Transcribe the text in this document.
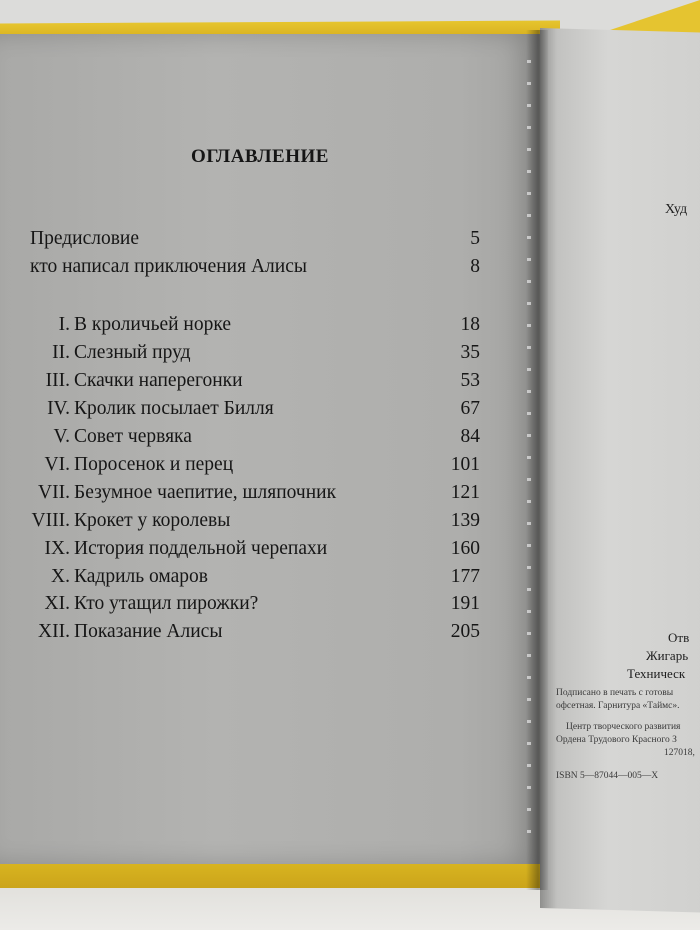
ОГЛАВЛЕНИЕ
Предисловие	5
кто написал приключения Алисы	8
I. В кроличьей норке	18
II. Слезный пруд	35
III. Скачки наперегонки	53
IV. Кролик посылает Билля	67
V. Совет червяка	84
VI. Поросенок и перец	101
VII. Безумное чаепитие, шляпочник	121
VIII. Крокет у королевы	139
IX. История поддельной черепахи	160
X. Кадриль омаров	177
XI. Кто утащил пирожки?	191
XII. Показание Алисы	205
Худ
Отв
Жигарь
Техническ
Подписано в печать с готовы
офсетная. Гарнитура «Таймс».
Центр творческого развития
Ордена Трудового Красного З
127018,
ISBN 5—87044—005—X
